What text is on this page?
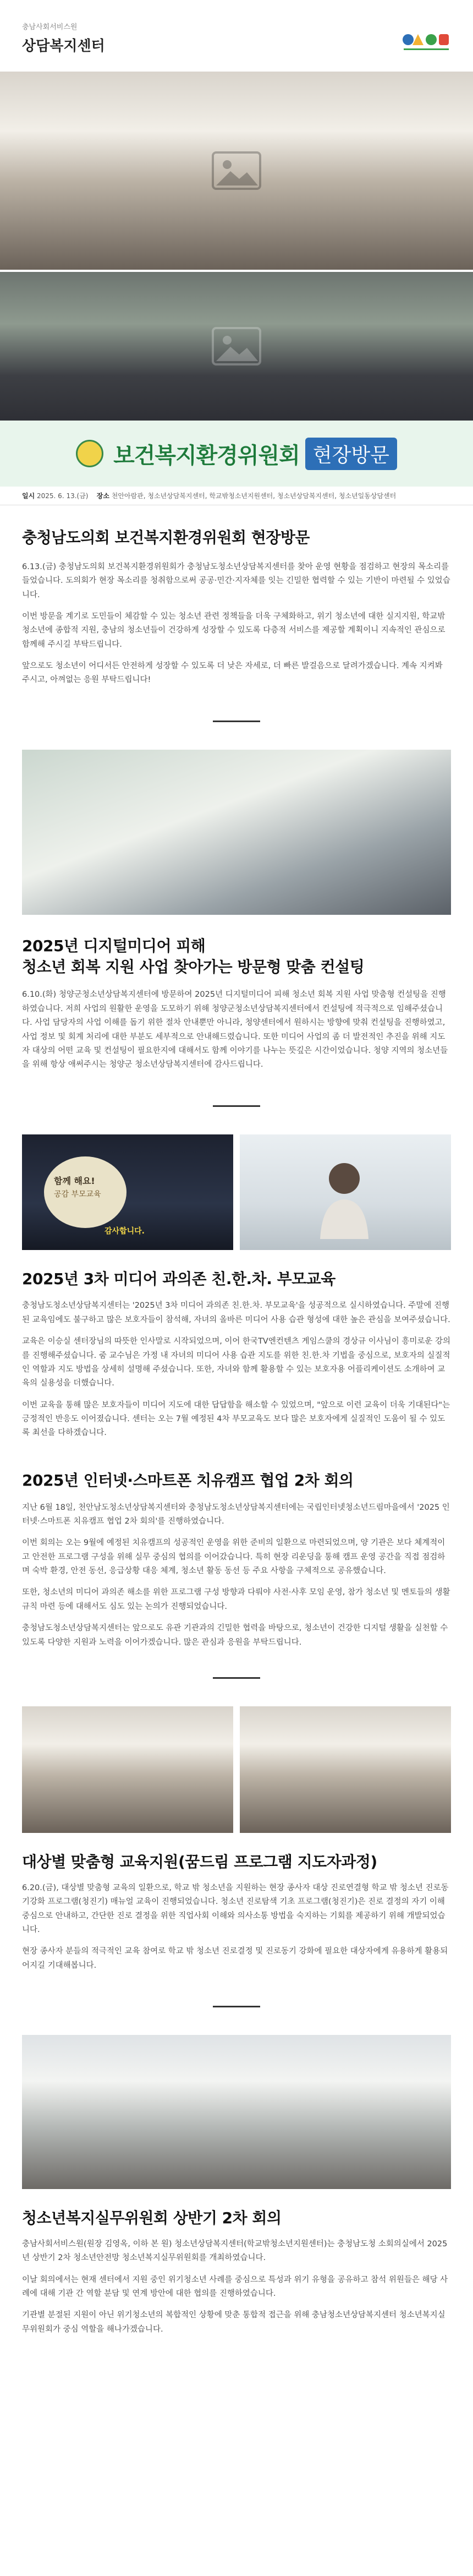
충남사회서비스원
상담복지센터
보건복지환경위원회 현장방문
일시 2025. 6. 13.(금) 장소 천안아람관, 청소년상담복지센터, 학교밖청소년지원센터, 청소년상담복지센터, 청소년일동상담센터
충청남도의회 보건복지환경위원회 현장방문

6.13.(금) 충청남도의회 보건복지환경위원회가 충청남도청소년상담복지센터를 찾아 운영 현황을 점검하고 현장의 목소리를 들었습니다. 도의회가 현장 목소리를 청취함으로써 공공·민간·지자체를 잇는 긴밀한 협력할 수 있는 기반이 마련될 수 있었습니다.

이번 방문을 계기로 도민들이 체감할 수 있는 청소년 관련 정책들을 더욱 구체화하고, 위기 청소년에 대한 실지지원, 학교밖청소년에 종합적 지원, 충남의 청소년들이 건강하게 성장할 수 있도록 다층적 서비스를 제공할 계획이니 지속적인 관심으로 함께해 주시길 부탁드립니다.

앞으로도 청소년이 어디서든 안전하게 성장할 수 있도록 더 낮은 자세로, 더 빠른 발걸음으로 달려가겠습니다. 계속 지켜봐 주시고, 아껴없는 응원 부탁드립니다!

2025년 디지털미디어 피해
청소년 회복 지원 사업 찾아가는 방문형 맞춤 컨설팅

6.10.(화) 청양군청소년상담복지센터에 방문하여 2025년 디지털미디어 피해 청소년 회복 지원 사업 맞춤형 컨설팅을 진행하였습니다. 저희 사업의 원활한 운영을 도모하기 위해 청양군청소년상담복지센터에서 컨설팅에 적극적으로 임해주셨습니다. 사업 담당자의 사업 이해를 돕기 위한 절차 안내뿐만 아니라, 청양센터에서 원하시는 방향에 맞춰 컨설팅을 진행하였고, 사업 정보 및 회계 처리에 대한 부분도 세부적으로 안내해드렸습니다. 또한 미디어 사업의 좀 더 발전적인 추진을 위해 지도자 대상의 어떤 교육 및 컨설팅이 필요한지에 대해서도 함께 이야기를 나누는 뜻깊은 시간이었습니다. 청양 지역의 청소년들을 위해 항상 애써주시는 청양군 청소년상담복지센터에 감사드립니다.

함께 해요!
공감 부모교육
감사합니다.
2025년 3차 미디어 과의존 친.한.차. 부모교육

충청남도청소년상담복지센터는 '2025년 3차 미디어 과의존 친.한.차. 부모교육'을 성공적으로 실시하였습니다. 주말에 진행된 교육임에도 불구하고 많은 보호자들이 참석해, 자녀의 올바른 미디어 사용 습관 형성에 대한 높은 관심을 보여주셨습니다.

교육은 이승실 센터장님의 따뜻한 인사말로 시작되었으며, 이어 한국TV엔컨텐츠 게임스쿨의 경상규 이사님이 흥미로운 강의를 진행해주셨습니다. 줌 교수님은 가정 내 자녀의 미디어 사용 습관 지도를 위한 친.한.차 기법을 중심으로, 보호자의 실질적인 역할과 지도 방법을 상세히 설명해 주셨습니다. 또한, 자녀와 함께 활용할 수 있는 보호자용 어플리케이션도 소개하여 교육의 실용성을 더했습니다.

이번 교육을 통해 많은 보호자들이 미디어 지도에 대한 답답함을 해소할 수 있었으며, "앞으로 이런 교육이 더욱 기대된다"는 긍정적인 반응도 이어졌습니다. 센터는 오는 7월 예정된 4차 부모교육도 보다 많은 보호자에게 실질적인 도움이 될 수 있도록 최선을 다하겠습니다.

2025년 인터넷·스마트폰 치유캠프 협업 2차 회의

지난 6월 18일, 천안남도청소년상담복지센터와 충청남도청소년상담복지센터에는 국립인터넷청소년드림마을에서 '2025 인터넷·스마트폰 치유캠프 협업 2차 회의'를 진행하였습니다.

이번 회의는 오는 9월에 예정된 치유캠프의 성공적인 운영을 위한 준비의 일환으로 마련되었으며, 양 기관은 보다 체계적이고 안전한 프로그램 구성을 위해 실무 중심의 협의를 이어갔습니다. 특히 현장 리운딩을 통해 캠프 운영 공간을 직접 점검하며 숙박 환경, 안전 동선, 응급상황 대응 체계, 청소년 활동 동선 등 주요 사항을 구체적으로 공유했습니다.

또한, 청소년의 미디어 과의존 해소를 위한 프로그램 구성 방향과 다뤄야 사전·사후 모임 운영, 참가 청소년 및 멘토들의 생활 규칙 마련 등에 대해서도 심도 있는 논의가 진행되었습니다.

충청남도청소년상담복지센터는 앞으로도 유관 기관과의 긴밀한 협력을 바탕으로, 청소년이 건강한 디지털 생활을 실천할 수 있도록 다양한 지원과 노력을 이어가겠습니다. 많은 관심과 응원을 부탁드립니다.

대상별 맞춤형 교육지원(꿈드림 프로그램 지도자과정)

6.20.(금), 대상별 맞춤형 교육의 일환으로, 학교 밖 청소년을 지원하는 현장 종사자 대상 진로연결형 학교 밖 청소년 진로동기강화 프로그램(청진기) 매뉴얼 교육이 진행되었습니다. 청소년 진로탐색 기초 프로그램(청진기)은 진로 결정의 자기 이해 중심으로 안내하고, 간단한 진로 결정을 위한 직업사회 이해와 의사소통 방법을 숙지하는 기회를 제공하기 위해 개발되었습니다.

현장 종사자 분들의 적극적인 교육 참여로 학교 밖 청소년 진로결정 및 진로동기 강화에 필요한 대상자에게 유용하게 활용되어지길 기대해봅니다.

청소년복지실무위원회 상반기 2차 회의

충남사회서비스원(원장 김영옥, 이하 본 원) 청소년상담복지센터(학교밖청소년지원센터)는 충청남도청 소회의실에서 2025년 상반기 2차 청소년안전망 청소년복지실무위원회를 개최하였습니다.

이날 회의에서는 현재 센터에서 지원 중인 위기청소년 사례를 중심으로 특성과 위기 유형을 공유하고 참석 위원들은 해당 사례에 대해 기관 간 역할 분담 및 연계 방안에 대한 협의를 진행하였습니다.

기관별 분절된 지원이 아닌 위기청소년의 복합적인 상황에 맞춘 통합적 접근을 위해 충남청소년상담복지센터 청소년복지실무위원회가 중심 역할을 해나가겠습니다.
